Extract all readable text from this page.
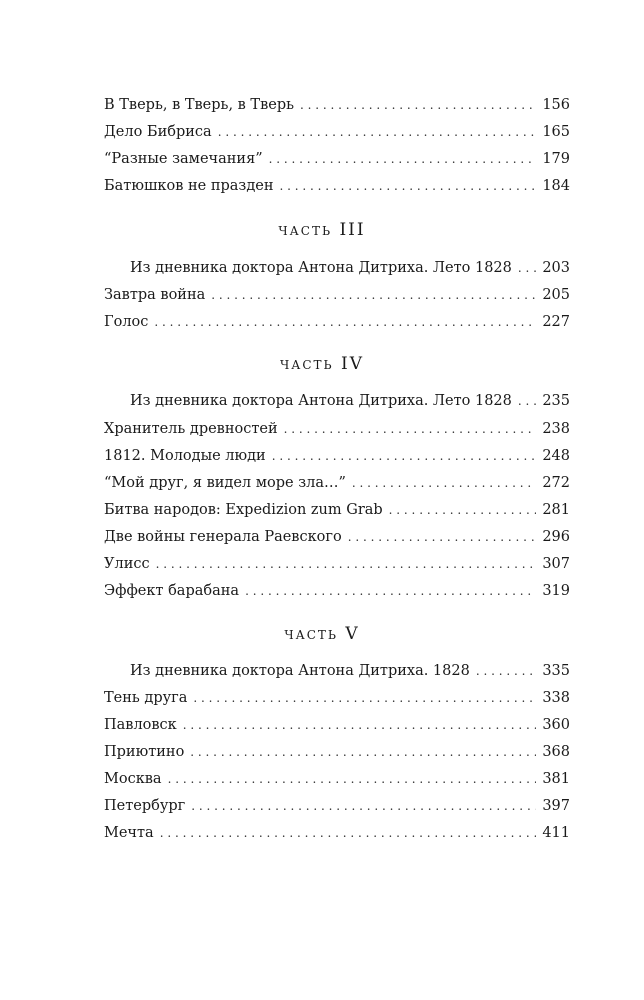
В Тверь, в Тверь, в Тверь . . .	156
Дело Бибриса . . .	165
“Разные замечания” . . .	179
Батюшков не празден . . .	184
часть III
Из дневника доктора Антона Дитриха. Лето 1828 . . . 203
Завтра война . . .	205
Голос . . .	227
часть IV
Из дневника доктора Антона Дитриха. Лето 1828 . . . 235
Хранитель древностей . . .	238
1812. Молодые люди . . .	248
“Мой друг, я видел море зла…” . . .	272
Битва народов: Expedizion zum Grab . . .	281
Две войны генерала Раевского . . .	296
Улисс . . .	307
Эффект барабана . . .	319
часть V
Из дневника доктора Антона Дитриха. 1828 . . .	335
Тень друга . . .	338
Павловск . . .	360
Приютино . . .	368
Москва . . .	381
Петербург . . .	397
Мечта . . .	411
